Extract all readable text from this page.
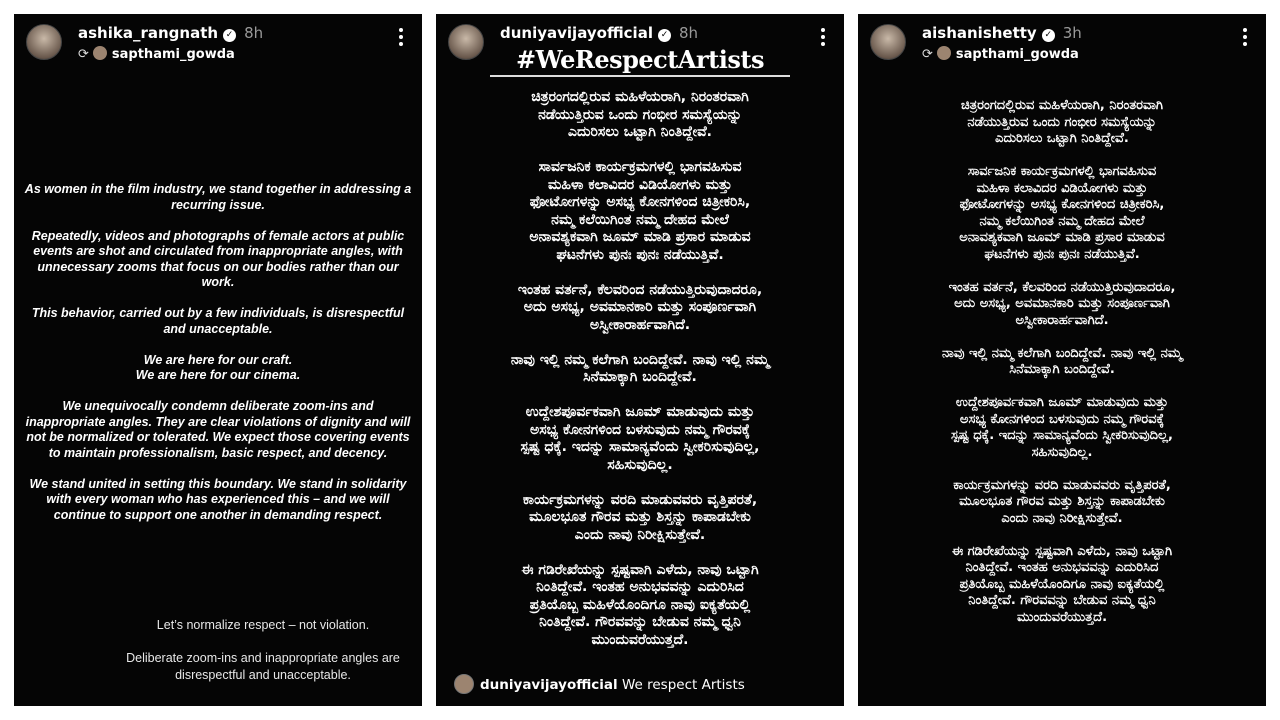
ashika_rangnath ✓ 8h
⟳ sapthami_gowda

As women in the film industry, we stand together in addressing a recurring issue.

Repeatedly, videos and photographs of female actors at public events are shot and circulated from inappropriate angles, with unnecessary zooms that focus on our bodies rather than our work.

This behavior, carried out by a few individuals, is disrespectful and unacceptable.

We are here for our craft.
We are here for our cinema.

We unequivocally condemn deliberate zoom-ins and inappropriate angles. They are clear violations of dignity and will not be normalized or tolerated. We expect those covering events to maintain professionalism, basic respect, and decency.

We stand united in setting this boundary. We stand in solidarity with every woman who has experienced this – and we will continue to support one another in demanding respect.

Let’s normalize respect – not violation.
Deliberate zoom-ins and inappropriate angles are disrespectful and unacceptable.
duniyavijayofficial ✓ 8h
#WeRespectArtists

ಚಿತ್ರರಂಗದಲ್ಲಿರುವ ಮಹಿಳೆಯರಾಗಿ, ನಿರಂತರವಾಗಿ
ನಡೆಯುತ್ತಿರುವ ಒಂದು ಗಂಭೀರ ಸಮಸ್ಯೆಯನ್ನು
ಎದುರಿಸಲು ಒಟ್ಟಾಗಿ ನಿಂತಿದ್ದೇವೆ.

ಸಾರ್ವಜನಿಕ ಕಾರ್ಯಕ್ರಮಗಳಲ್ಲಿ ಭಾಗವಹಿಸುವ
ಮಹಿಳಾ ಕಲಾವಿದರ ವಿಡಿಯೋಗಳು ಮತ್ತು
ಫೋಟೋಗಳನ್ನು ಅಸಭ್ಯ ಕೋನಗಳಿಂದ ಚಿತ್ರೀಕರಿಸಿ,
ನಮ್ಮ ಕಲೆಯಿಗಿಂತ ನಮ್ಮ ದೇಹದ ಮೇಲೆ
ಅನಾವಶ್ಯಕವಾಗಿ ಜೂಮ್ ಮಾಡಿ ಪ್ರಸಾರ ಮಾಡುವ
ಘಟನೆಗಳು ಪುನಃ ಪುನಃ ನಡೆಯುತ್ತಿವೆ.

ಇಂತಹ ವರ್ತನೆ, ಕೆಲವರಿಂದ ನಡೆಯುತ್ತಿರುವುದಾದರೂ,
ಅದು ಅಸಭ್ಯ, ಅವಮಾನಕಾರಿ ಮತ್ತು ಸಂಪೂರ್ಣವಾಗಿ
ಅಸ್ವೀಕಾರಾರ್ಹವಾಗಿದೆ.

ನಾವು ಇಲ್ಲಿ ನಮ್ಮ ಕಲೆಗಾಗಿ ಬಂದಿದ್ದೇವೆ. ನಾವು ಇಲ್ಲಿ ನಮ್ಮ
ಸಿನೆಮಾಕ್ಕಾಗಿ ಬಂದಿದ್ದೇವೆ.

ಉದ್ದೇಶಪೂರ್ವಕವಾಗಿ ಜೂಮ್ ಮಾಡುವುದು ಮತ್ತು
ಅಸಭ್ಯ ಕೋನಗಳಿಂದ ಬಳಸುವುದು ನಮ್ಮ ಗೌರವಕ್ಕೆ
ಸ್ಪಷ್ಟ ಧಕ್ಕೆ. ಇದನ್ನು ಸಾಮಾನ್ಯವೆಂದು ಸ್ವೀಕರಿಸುವುದಿಲ್ಲ,
ಸಹಿಸುವುದಿಲ್ಲ.

ಕಾರ್ಯಕ್ರಮಗಳನ್ನು ವರದಿ ಮಾಡುವವರು ವೃತ್ತಿಪರತೆ,
ಮೂಲಭೂತ ಗೌರವ ಮತ್ತು ಶಿಸ್ತನ್ನು ಕಾಪಾಡಬೇಕು
ಎಂದು ನಾವು ನಿರೀಕ್ಷಿಸುತ್ತೇವೆ.

ಈ ಗಡಿರೇಖೆಯನ್ನು ಸ್ಪಷ್ಟವಾಗಿ ಎಳೆದು, ನಾವು ಒಟ್ಟಾಗಿ
ನಿಂತಿದ್ದೇವೆ. ಇಂತಹ ಅನುಭವವನ್ನು ಎದುರಿಸಿದ
ಪ್ರತಿಯೊಬ್ಬ ಮಹಿಳೆಯೊಂದಿಗೂ ನಾವು ಐಕ್ಯತೆಯಲ್ಲಿ
ನಿಂತಿದ್ದೇವೆ. ಗೌರವವನ್ನು ಬೇಡುವ ನಮ್ಮ ಧ್ವನಿ
ಮುಂದುವರೆಯುತ್ತದೆ.

duniyavijayofficial We respect Artists
aishanishetty ✓ 3h
⟳ sapthami_gowda

ಚಿತ್ರರಂಗದಲ್ಲಿರುವ ಮಹಿಳೆಯರಾಗಿ, ನಿರಂತರವಾಗಿ
ನಡೆಯುತ್ತಿರುವ ಒಂದು ಗಂಭೀರ ಸಮಸ್ಯೆಯನ್ನು
ಎದುರಿಸಲು ಒಟ್ಟಾಗಿ ನಿಂತಿದ್ದೇವೆ.

ಸಾರ್ವಜನಿಕ ಕಾರ್ಯಕ್ರಮಗಳಲ್ಲಿ ಭಾಗವಹಿಸುವ
ಮಹಿಳಾ ಕಲಾವಿದರ ವಿಡಿಯೋಗಳು ಮತ್ತು
ಫೋಟೋಗಳನ್ನು ಅಸಭ್ಯ ಕೋನಗಳಿಂದ ಚಿತ್ರೀಕರಿಸಿ,
ನಮ್ಮ ಕಲೆಯಿಗಿಂತ ನಮ್ಮ ದೇಹದ ಮೇಲೆ
ಅನಾವಶ್ಯಕವಾಗಿ ಜೂಮ್ ಮಾಡಿ ಪ್ರಸಾರ ಮಾಡುವ
ಘಟನೆಗಳು ಪುನಃ ಪುನಃ ನಡೆಯುತ್ತಿವೆ.

ಇಂತಹ ವರ್ತನೆ, ಕೆಲವರಿಂದ ನಡೆಯುತ್ತಿರುವುದಾದರೂ,
ಅದು ಅಸಭ್ಯ, ಅವಮಾನಕಾರಿ ಮತ್ತು ಸಂಪೂರ್ಣವಾಗಿ
ಅಸ್ವೀಕಾರಾರ್ಹವಾಗಿದೆ.

ನಾವು ಇಲ್ಲಿ ನಮ್ಮ ಕಲೆಗಾಗಿ ಬಂದಿದ್ದೇವೆ. ನಾವು ಇಲ್ಲಿ ನಮ್ಮ
ಸಿನೆಮಾಕ್ಕಾಗಿ ಬಂದಿದ್ದೇವೆ.

ಉದ್ದೇಶಪೂರ್ವಕವಾಗಿ ಜೂಮ್ ಮಾಡುವುದು ಮತ್ತು
ಅಸಭ್ಯ ಕೋನಗಳಿಂದ ಬಳಸುವುದು ನಮ್ಮ ಗೌರವಕ್ಕೆ
ಸ್ಪಷ್ಟ ಧಕ್ಕೆ. ಇದನ್ನು ಸಾಮಾನ್ಯವೆಂದು ಸ್ವೀಕರಿಸುವುದಿಲ್ಲ,
ಸಹಿಸುವುದಿಲ್ಲ.

ಕಾರ್ಯಕ್ರಮಗಳನ್ನು ವರದಿ ಮಾಡುವವರು ವೃತ್ತಿಪರತೆ,
ಮೂಲಭೂತ ಗೌರವ ಮತ್ತು ಶಿಸ್ತನ್ನು ಕಾಪಾಡಬೇಕು
ಎಂದು ನಾವು ನಿರೀಕ್ಷಿಸುತ್ತೇವೆ.

ಈ ಗಡಿರೇಖೆಯನ್ನು ಸ್ಪಷ್ಟವಾಗಿ ಎಳೆದು, ನಾವು ಒಟ್ಟಾಗಿ
ನಿಂತಿದ್ದೇವೆ. ಇಂತಹ ಅನುಭವವನ್ನು ಎದುರಿಸಿದ
ಪ್ರತಿಯೊಬ್ಬ ಮಹಿಳೆಯೊಂದಿಗೂ ನಾವು ಐಕ್ಯತೆಯಲ್ಲಿ
ನಿಂತಿದ್ದೇವೆ. ಗೌರವವನ್ನು ಬೇಡುವ ನಮ್ಮ ಧ್ವನಿ
ಮುಂದುವರೆಯುತ್ತದೆ.
